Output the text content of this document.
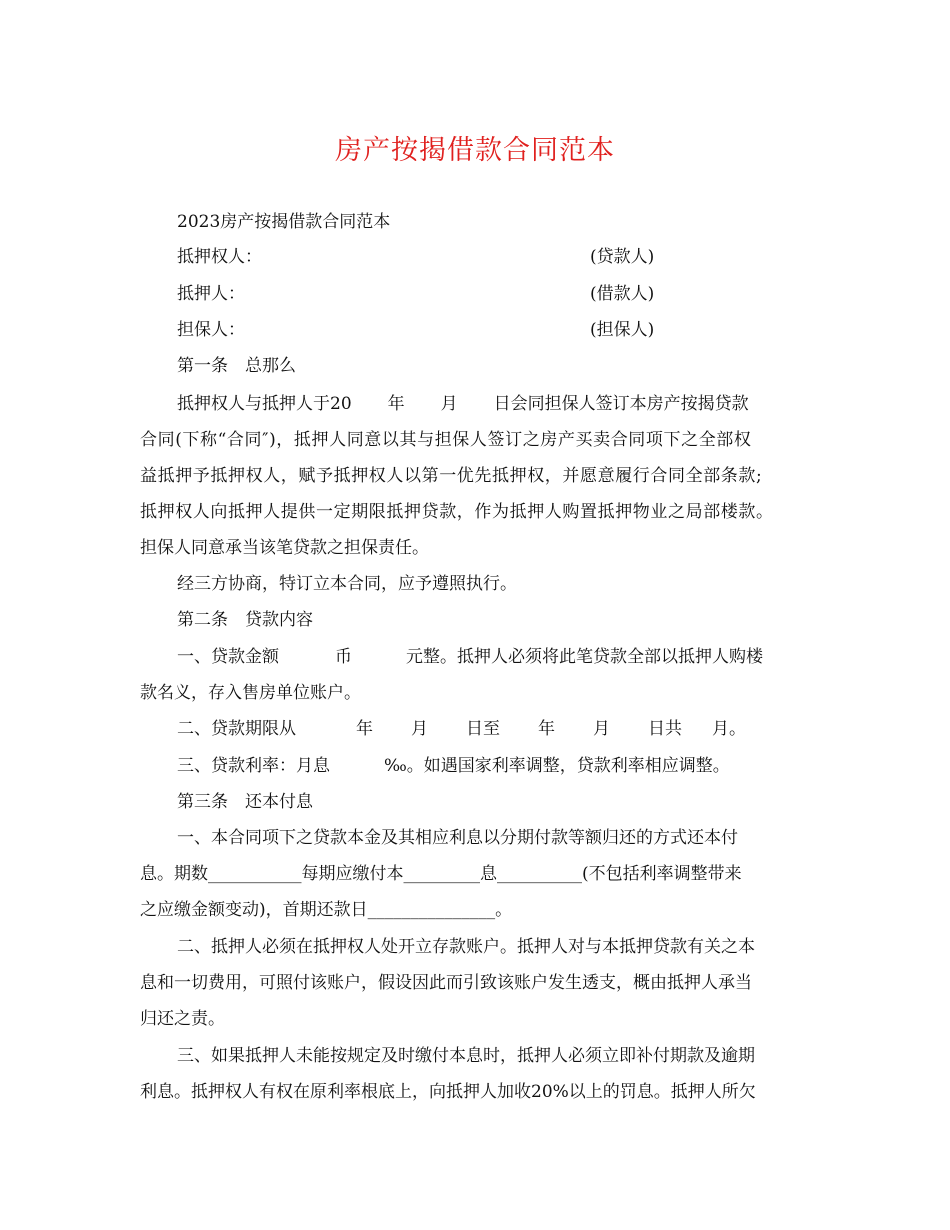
房产按揭借款合同范本
2023房产按揭借款合同范本
抵押权人：	(贷款人)
抵押人：	(借款人)
担保人：	(担保人)
第一条　总那么
抵押权人与抵押人于20 年 月 日会同担保人签订本房产按揭贷款
合同(下称“合同″)，抵押人同意以其与担保人签订之房产买卖合同项下之全部权
益抵押予抵押权人，赋予抵押权人以第一优先抵押权，并愿意履行合同全部条款;
抵押权人向抵押人提供一定期限抵押贷款，作为抵押人购置抵押物业之局部楼款。
担保人同意承当该笔贷款之担保责任。
经三方协商，特订立本合同，应予遵照执行。
第二条　贷款内容
一、贷款金额	币	元整。抵押人必须将此笔贷款全部以抵押人购楼
款名义，存入售房单位账户。
二、贷款期限从	年 月 日至 年 月 日共 月。
三、贷款利率：月息	‰。如遇国家利率调整，贷款利率相应调整。
第三条　还本付息
一、本合同项下之贷款本金及其相应利息以分期付款等额归还的方式还本付
息。期数___________每期应缴付本_________息__________(不包括利率调整带来
之应缴金额变动)，首期还款日_______________。
二、抵押人必须在抵押权人处开立存款账户。抵押人对与本抵押贷款有关之本
息和一切费用，可照付该账户，假设因此而引致该账户发生透支，概由抵押人承当
归还之责。
三、如果抵押人未能按规定及时缴付本息时，抵押人必须立即补付期款及逾期
利息。抵押权人有权在原利率根底上，向抵押人加收20%以上的罚息。抵押人所欠
